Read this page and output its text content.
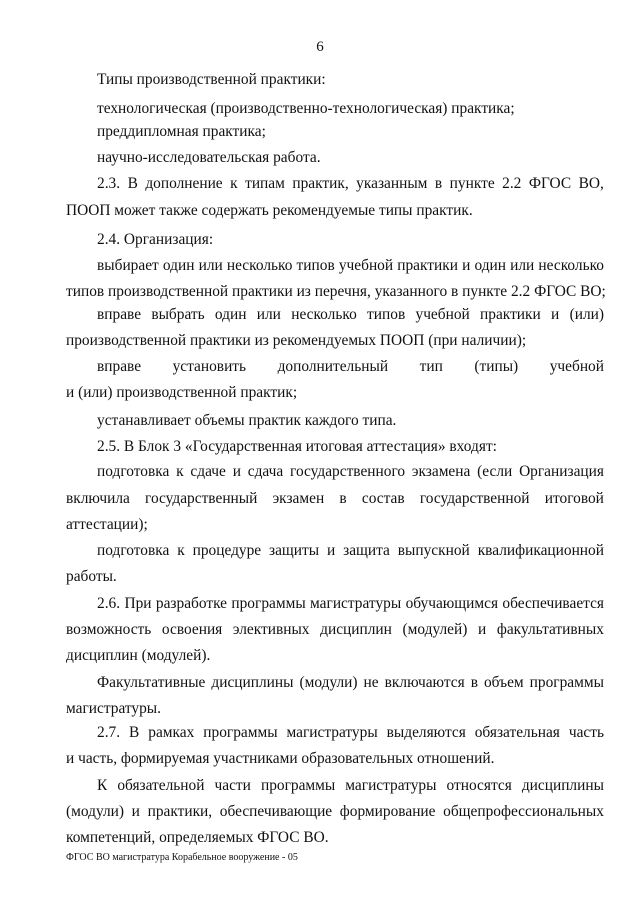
6
Типы производственной практики:
технологическая (производственно-технологическая) практика;
преддипломная практика;
научно-исследовательская работа.
2.3. В дополнение к типам практик, указанным в пункте 2.2 ФГОС ВО,
ПООП может также содержать рекомендуемые типы практик.
2.4. Организация:
выбирает один или несколько типов учебной практики и один или несколько
типов производственной практики из перечня, указанного в пункте 2.2 ФГОС ВО;
вправе выбрать один или несколько типов учебной практики и (или)
производственной практики из рекомендуемых ПООП (при наличии);
вправе установить дополнительный тип (типы) учебной
и (или) производственной практик;
устанавливает объемы практик каждого типа.
2.5. В Блок 3 «Государственная итоговая аттестация» входят:
подготовка к сдаче и сдача государственного экзамена (если Организация
включила государственный экзамен в состав государственной итоговой
аттестации);
подготовка к процедуре защиты и защита выпускной квалификационной
работы.
2.6. При разработке программы магистратуры обучающимся обеспечивается
возможность освоения элективных дисциплин (модулей) и факультативных
дисциплин (модулей).
Факультативные дисциплины (модули) не включаются в объем программы
магистратуры.
2.7. В рамках программы магистратуры выделяются обязательная часть
и часть, формируемая участниками образовательных отношений.
К обязательной части программы магистратуры относятся дисциплины
(модули) и практики, обеспечивающие формирование общепрофессиональных
компетенций, определяемых ФГОС ВО.
ФГОС ВО магистратура Корабельное вооружение - 05
